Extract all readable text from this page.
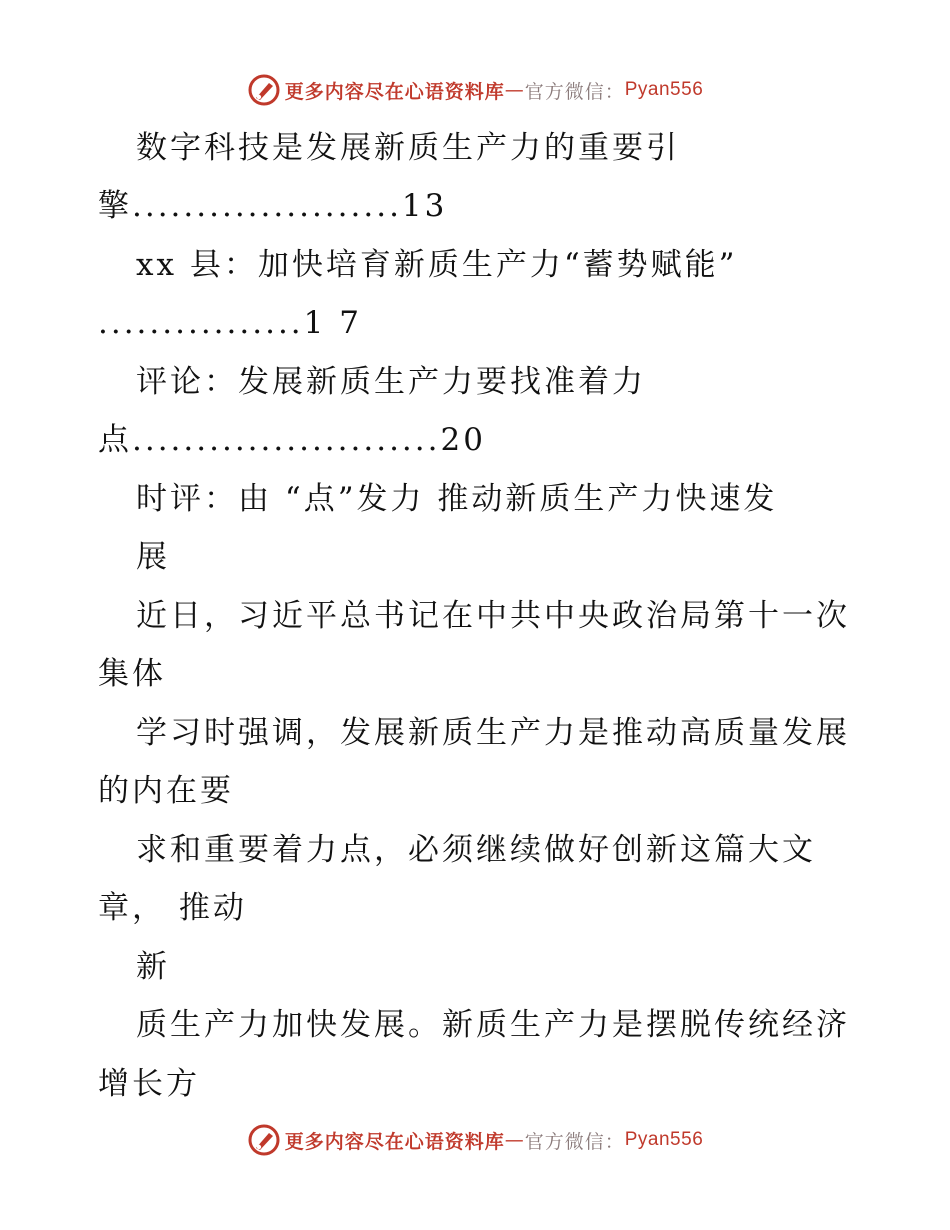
更多内容尽在心语资料库 — 官方微信： Pyan556
数字科技是发展新质生产力的重要引
擎.....................13
xx 县：加快培育新质生产力“蓄势赋能”
................1 7
评论：发展新质生产力要找准着力
点........................20
时评：由 “点”发力 推动新质生产力快速发
展
近日，习近平总书记在中共中央政治局第十一次
集体
学习时强调，发展新质生产力是推动高质量发展
的内在要
求和重要着力点，必须继续做好创新这篇大文
章， 推动
新
质生产力加快发展。新质生产力是摆脱传统经济
增长方
更多内容尽在心语资料库 — 官方微信： Pyan556
